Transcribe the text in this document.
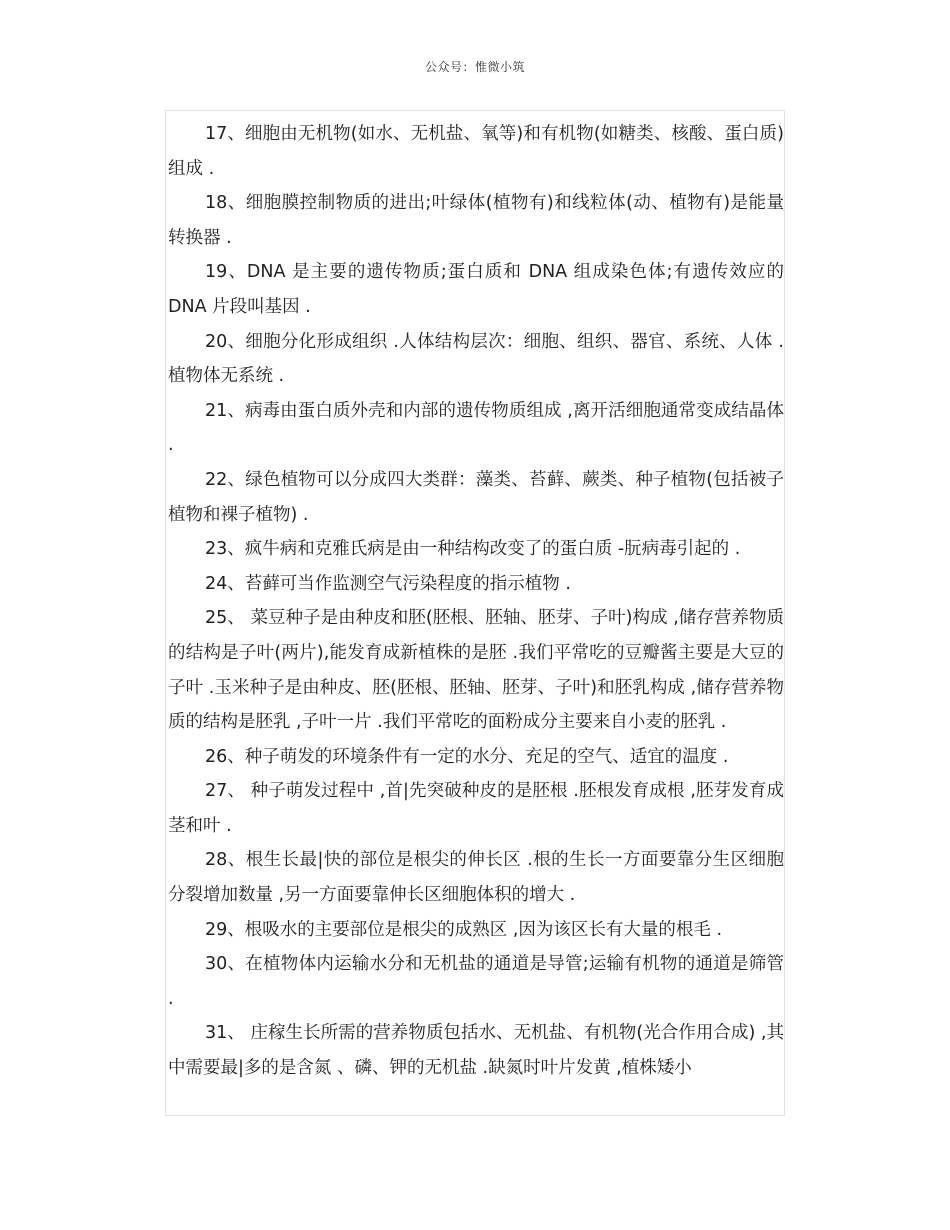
公众号：惟微小筑

17、细胞由无机物(如水、无机盐、氧等)和有机物(如糖类、核酸、蛋白质)组成 .

18、细胞膜控制物质的进出;叶绿体(植物有)和线粒体(动、植物有)是能量转换器 .

19、DNA 是主要的遗传物质;蛋白质和 DNA 组成染色体;有遗传效应的DNA 片段叫基因 .

20、细胞分化形成组织 .人体结构层次：细胞、组织、器官、系统、人体 .植物体无系统 .

21、病毒由蛋白质外壳和内部的遗传物质组成 ,离开活细胞通常变成结晶体 .

22、绿色植物可以分成四大类群：藻类、苔藓、蕨类、种子植物(包括被子植物和裸子植物) .

23、疯牛病和克雅氏病是由一种结构改变了的蛋白质 -朊病毒引起的 .

24、苔藓可当作监测空气污染程度的指示植物 .

25、 菜豆种子是由种皮和胚(胚根、胚轴、胚芽、子叶)构成 ,储存营养物质的结构是子叶(两片),能发育成新植株的是胚 .我们平常吃的豆瓣酱主要是大豆的子叶 .玉米种子是由种皮、胚(胚根、胚轴、胚芽、子叶)和胚乳构成 ,储存营养物质的结构是胚乳 ,子叶一片 .我们平常吃的面粉成分主要来自小麦的胚乳 .

26、种子萌发的环境条件有一定的水分、充足的空气、适宜的温度 .

27、 种子萌发过程中 ,首|先突破种皮的是胚根 .胚根发育成根 ,胚芽发育成茎和叶 .

28、根生长最|快的部位是根尖的伸长区 .根的生长一方面要靠分生区细胞分裂增加数量 ,另一方面要靠伸长区细胞体积的增大 .

29、根吸水的主要部位是根尖的成熟区 ,因为该区长有大量的根毛 .

30、在植物体内运输水分和无机盐的通道是导管;运输有机物的通道是筛管 .

31、 庄稼生长所需的营养物质包括水、无机盐、有机物(光合作用合成) ,其中需要最|多的是含氮 、磷、钾的无机盐 .缺氮时叶片发黄 ,植株矮小
